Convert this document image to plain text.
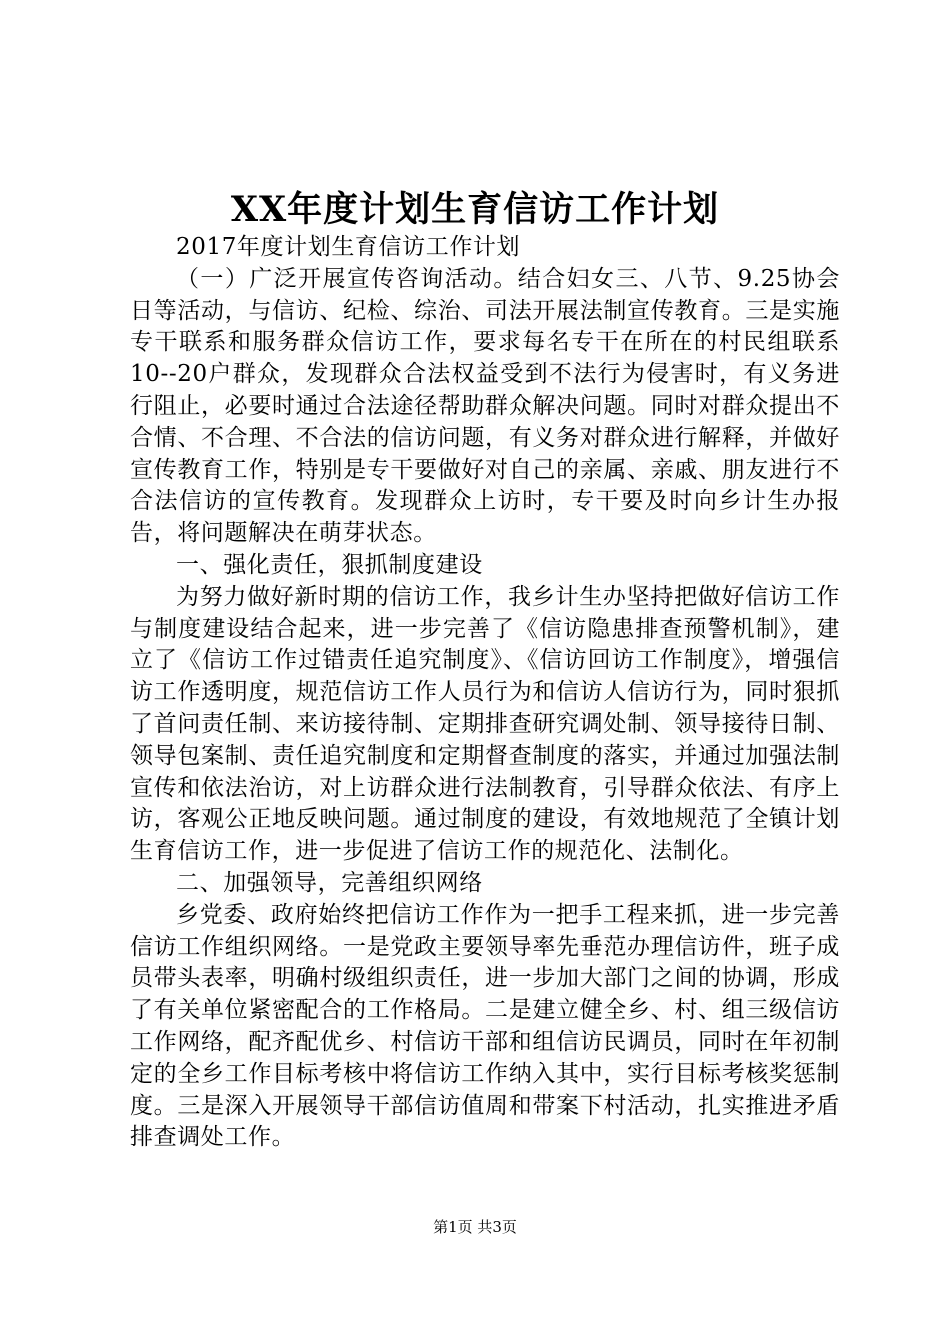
XX年度计划生育信访工作计划

2017年度计划生育信访工作计划

（一）广泛开展宣传咨询活动。结合妇女三、八节、9.25协会日等活动，与信访、纪检、综治、司法开展法制宣传教育。三是实施专干联系和服务群众信访工作，要求每名专干在所在的村民组联系10--20户群众，发现群众合法权益受到不法行为侵害时，有义务进行阻止，必要时通过合法途径帮助群众解决问题。同时对群众提出不合情、不合理、不合法的信访问题，有义务对群众进行解释，并做好宣传教育工作，特别是专干要做好对自己的亲属、亲戚、朋友进行不合法信访的宣传教育。发现群众上访时，专干要及时向乡计生办报告，将问题解决在萌芽状态。

一、强化责任，狠抓制度建设

为努力做好新时期的信访工作，我乡计生办坚持把做好信访工作与制度建设结合起来，进一步完善了《信访隐患排查预警机制》，建立了《信访工作过错责任追究制度》、《信访回访工作制度》，增强信访工作透明度，规范信访工作人员行为和信访人信访行为，同时狠抓了首问责任制、来访接待制、定期排查研究调处制、领导接待日制、领导包案制、责任追究制度和定期督查制度的落实，并通过加强法制宣传和依法治访，对上访群众进行法制教育，引导群众依法、有序上访，客观公正地反映问题。通过制度的建设，有效地规范了全镇计划生育信访工作，进一步促进了信访工作的规范化、法制化。

二、加强领导，完善组织网络

乡党委、政府始终把信访工作作为一把手工程来抓，进一步完善信访工作组织网络。一是党政主要领导率先垂范办理信访件，班子成员带头表率，明确村级组织责任，进一步加大部门之间的协调，形成了有关单位紧密配合的工作格局。二是建立健全乡、村、组三级信访工作网络，配齐配优乡、村信访干部和组信访民调员，同时在年初制定的全乡工作目标考核中将信访工作纳入其中，实行目标考核奖惩制度。三是深入开展领导干部信访值周和带案下村活动，扎实推进矛盾排查调处工作。

第1页 共3页
